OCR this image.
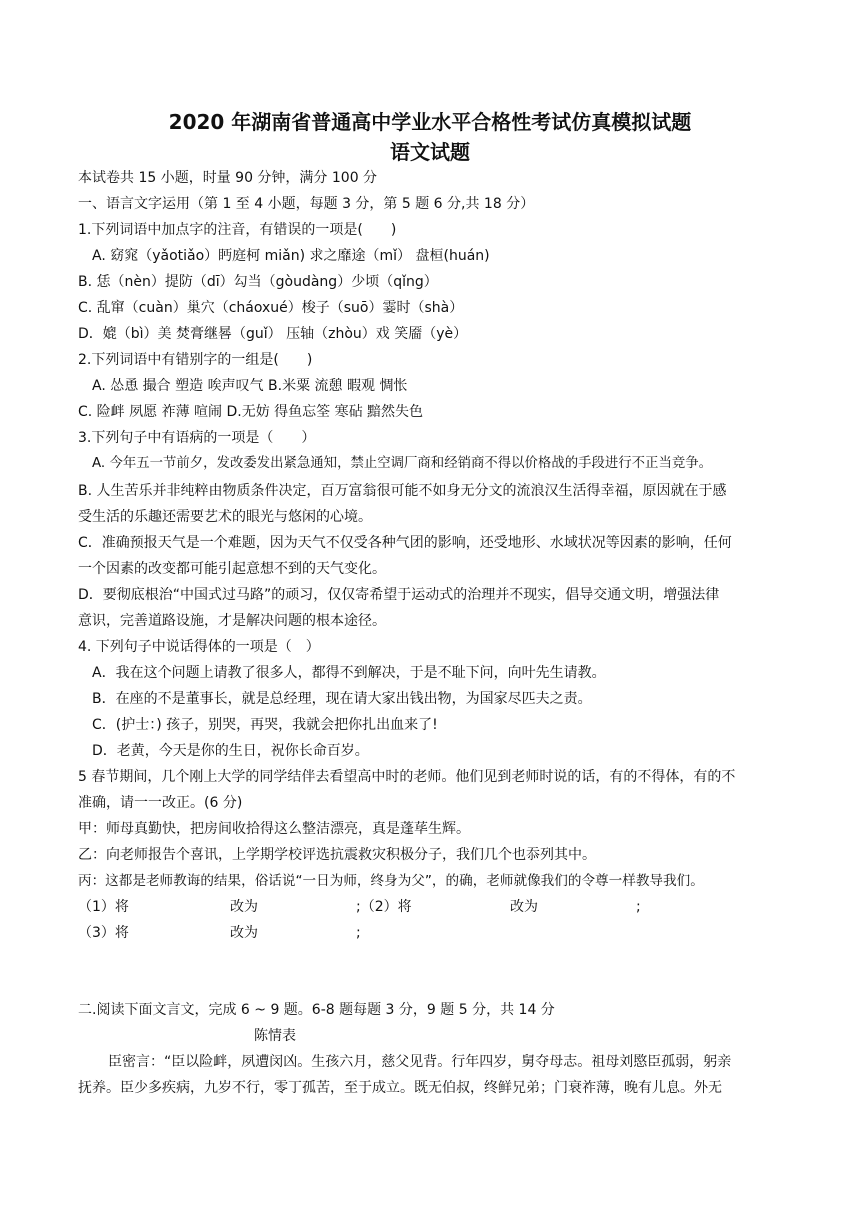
2020 年湖南省普通高中学业水平合格性考试仿真模拟试题
语文试题
本试卷共 15 小题，时量 90 分钟，满分 100 分
一、语言文字运用（第 1 至 4 小题，每题 3 分，第 5 题 6 分,共 18 分）
1.下列词语中加点字的注音，有错误的一项是(　　)
A. 窈窕（yǎotiǎo）眄庭柯 miǎn) 求之靡途（mǐ） 盘桓(huán)
B. 恁（nèn）提防（dī）勾当（gòudàng）少顷（qǐng）
C. 乱窜（cuàn）巢穴（cháoxué）梭子（suō）霎时（shà）
D．媲（bì）美 焚膏继晷（guǐ） 压轴（zhòu）戏 笑靥（yè）
2.下列词语中有错别字的一组是(　　)
A. 怂恿 撮合 塑造 唉声叹气 B.米粟 流憩 暇观 惆怅
C. 险衅 夙愿 祚薄 喧闹 D.无妨 得鱼忘筌 寒砧 黯然失色
3.下列句子中有语病的一项是（　　）
A. 今年五一节前夕，发改委发出紧急通知，禁止空调厂商和经销商不得以价格战的手段进行不正当竞争。
B. 人生苦乐并非纯粹由物质条件决定，百万富翁很可能不如身无分文的流浪汉生活得幸福，原因就在于感
受生活的乐趣还需要艺术的眼光与悠闲的心境。
C．准确预报天气是一个难题，因为天气不仅受各种气团的影响，还受地形、水域状况等因素的影响，任何
一个因素的改变都可能引起意想不到的天气变化。
D．要彻底根治“中国式过马路”的顽习，仅仅寄希望于运动式的治理并不现实，倡导交通文明，增强法律
意识，完善道路设施，才是解决问题的根本途径。
4. 下列句子中说话得体的一项是（　）
A．我在这个问题上请教了很多人，都得不到解决，于是不耻下问，向叶先生请教。
B．在座的不是董事长，就是总经理，现在请大家出钱出物，为国家尽匹夫之责。
C．(护士：) 孩子，别哭，再哭，我就会把你扎出血来了!
D．老黄，今天是你的生日，祝你长命百岁。
5 春节期间，几个刚上大学的同学结伴去看望高中时的老师。他们见到老师时说的话，有的不得体，有的不
准确，请一一改正。(6 分)
甲：师母真勤快，把房间收拾得这么整洁漂亮，真是蓬荜生辉。
乙：向老师报告个喜讯，上学期学校评选抗震救灾积极分子，我们几个也忝列其中。
丙：这都是老师教诲的结果，俗话说“一日为师，终身为父”，的确，老师就像我们的令尊一样教导我们。
（1）将	改为	;（2）将	改为	;
（3）将	改为	;
二.阅读下面文言文，完成 6 ~ 9 题。6-8 题每题 3 分，9 题 5 分，共 14 分
陈情表
臣密言：“臣以险衅，夙遭闵凶。生孩六月，慈父见背。行年四岁，舅夺母志。祖母刘愍臣孤弱，躬亲
抚养。臣少多疾病，九岁不行，零丁孤苦，至于成立。既无伯叔，终鲜兄弟；门衰祚薄，晚有儿息。外无
